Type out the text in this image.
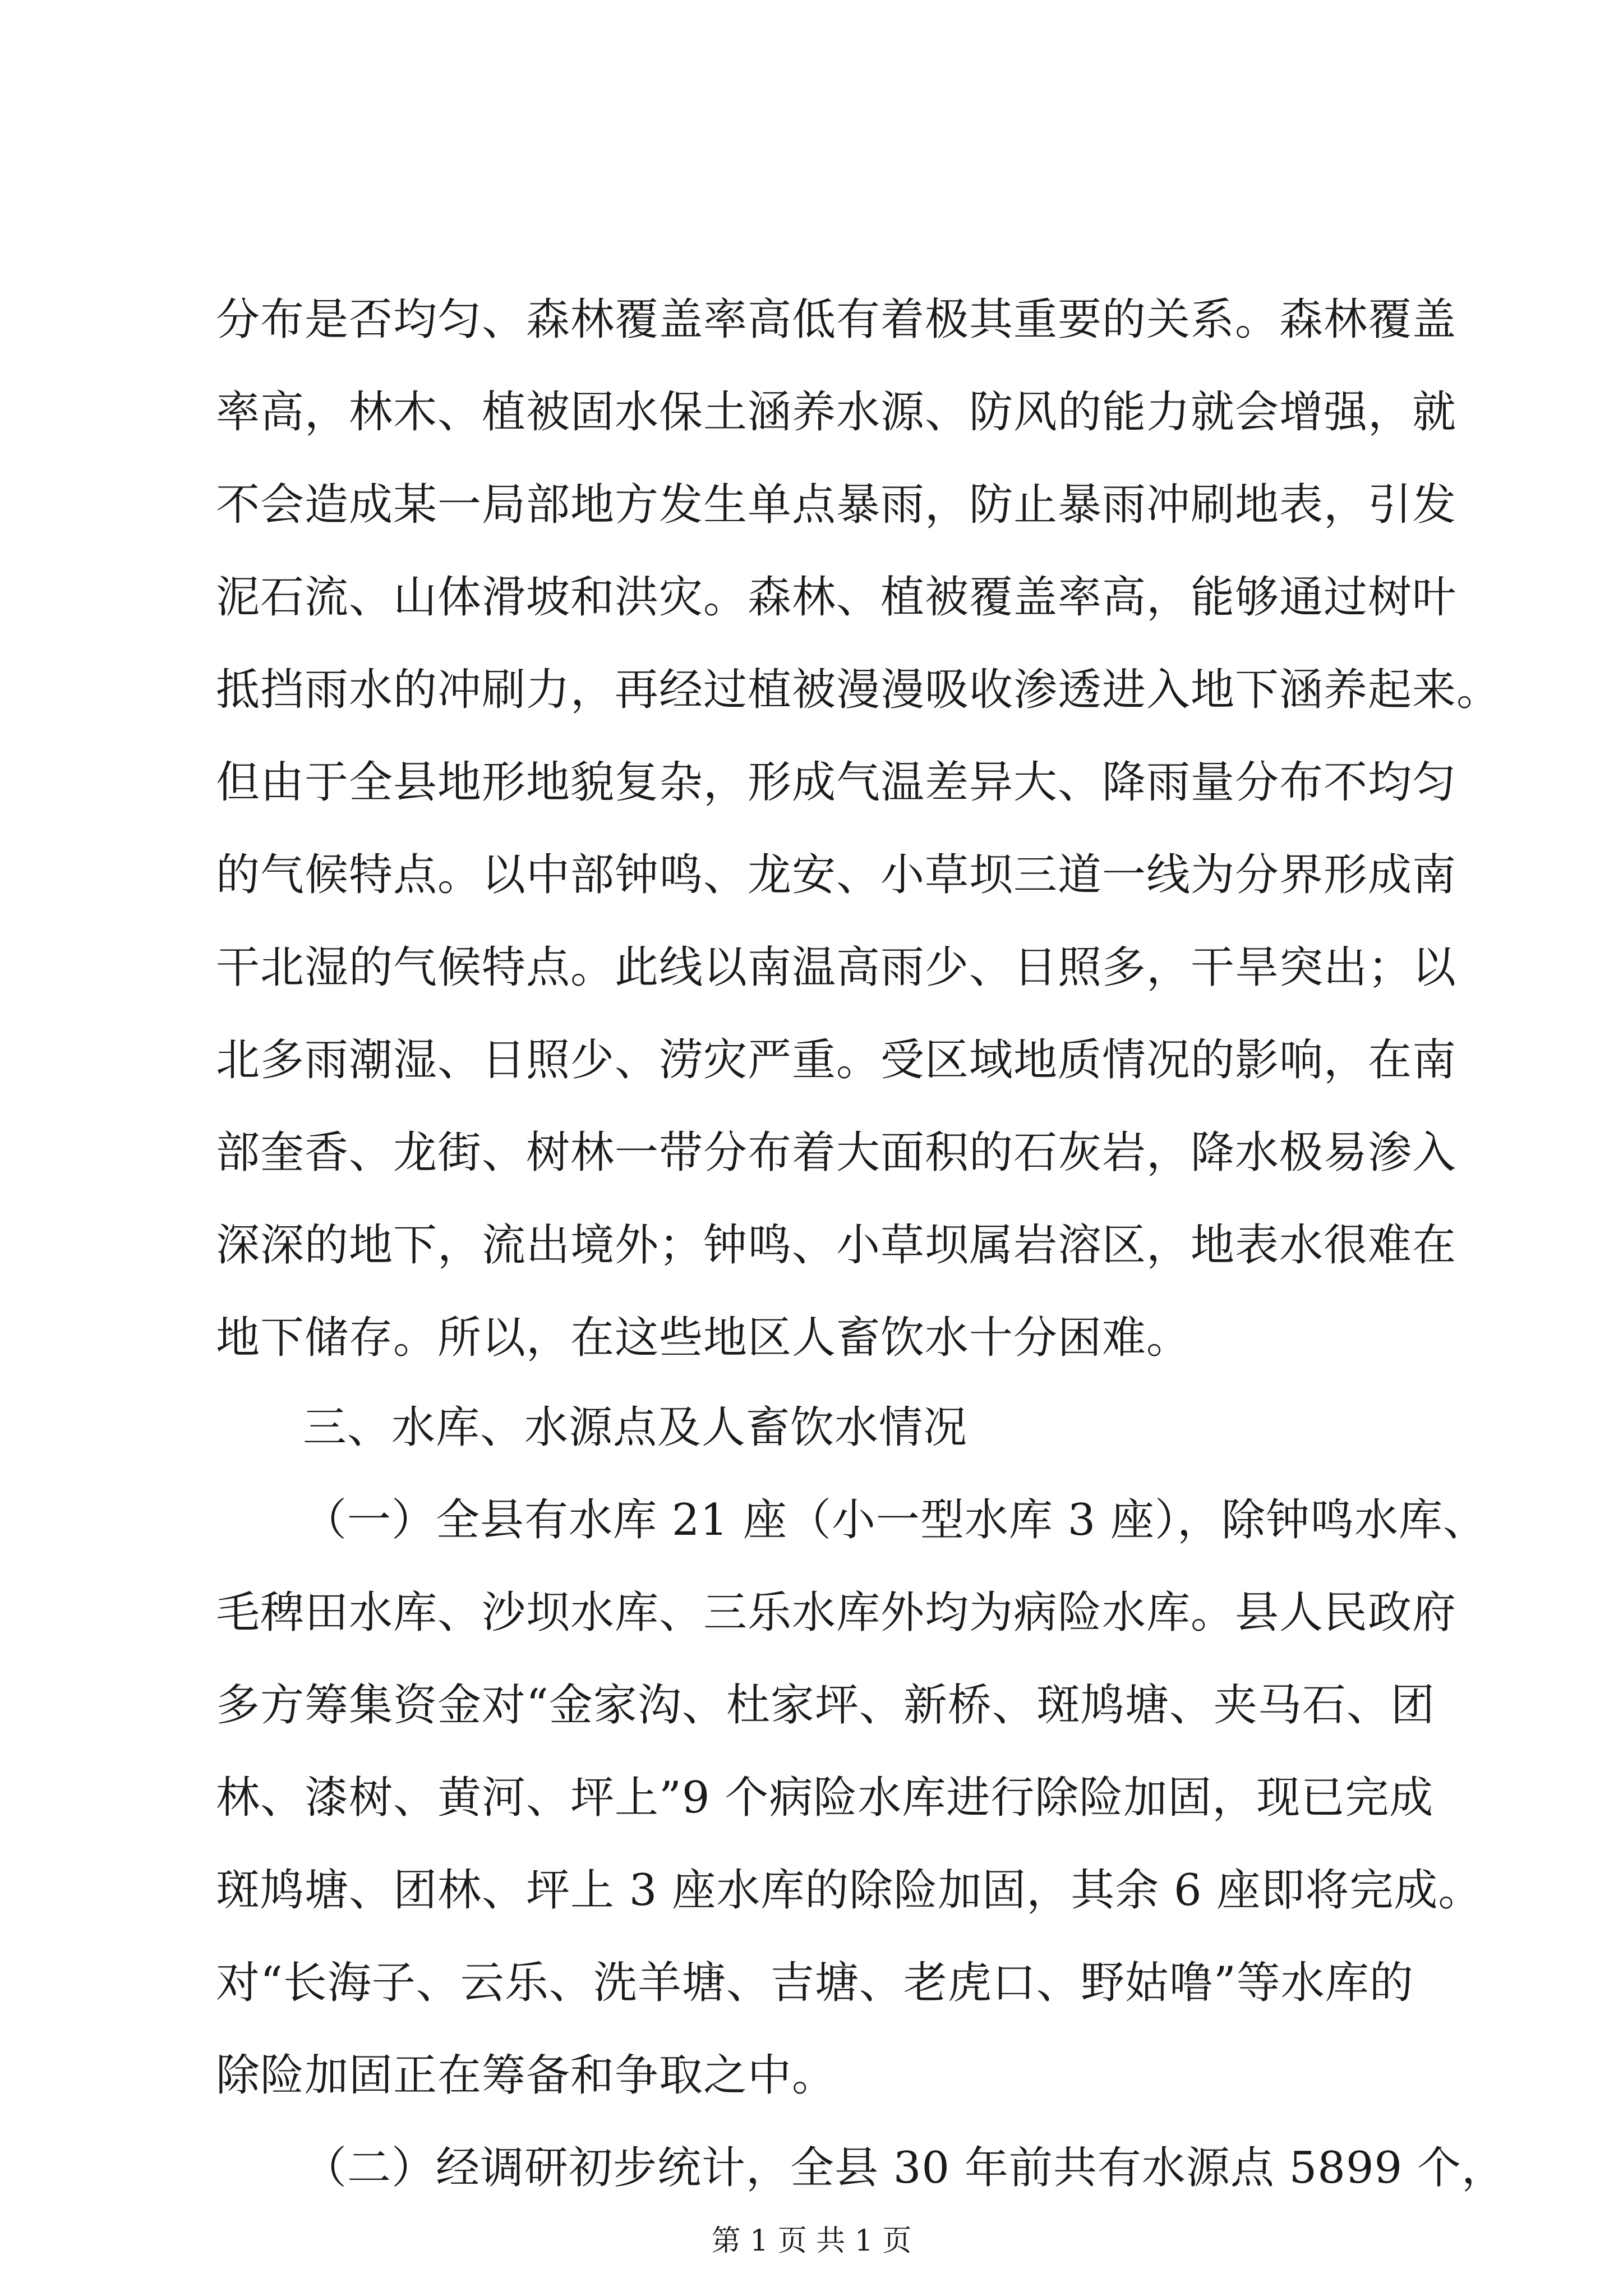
分布是否均匀、森林覆盖率高低有着极其重要的关系。森林覆盖
率高，林木、植被固水保土涵养水源、防风的能力就会增强，就
不会造成某一局部地方发生单点暴雨，防止暴雨冲刷地表，引发
泥石流、山体滑坡和洪灾。森林、植被覆盖率高，能够通过树叶
抵挡雨水的冲刷力，再经过植被漫漫吸收渗透进入地下涵养起来。
但由于全县地形地貌复杂，形成气温差异大、降雨量分布不均匀
的气候特点。以中部钟鸣、龙安、小草坝三道一线为分界形成南
干北湿的气候特点。此线以南温高雨少、日照多，干旱突出；以
北多雨潮湿、日照少、涝灾严重。受区域地质情况的影响，在南
部奎香、龙街、树林一带分布着大面积的石灰岩，降水极易渗入
深深的地下，流出境外；钟鸣、小草坝属岩溶区，地表水很难在
地下储存。所以，在这些地区人畜饮水十分困难。
三、水库、水源点及人畜饮水情况
（一）全县有水库 21 座（小一型水库 3 座），除钟鸣水库、
毛稗田水库、沙坝水库、三乐水库外均为病险水库。县人民政府
多方筹集资金对“金家沟、杜家坪、新桥、斑鸠塘、夹马石、团
林、漆树、黄河、坪上”9 个病险水库进行除险加固，现已完成
斑鸠塘、团林、坪上 3 座水库的除险加固，其余 6 座即将完成。
对“长海子、云乐、洗羊塘、吉塘、老虎口、野姑噜”等水库的
除险加固正在筹备和争取之中。
（二）经调研初步统计，全县 30 年前共有水源点 5899 个，
第 1 页 共 1 页
